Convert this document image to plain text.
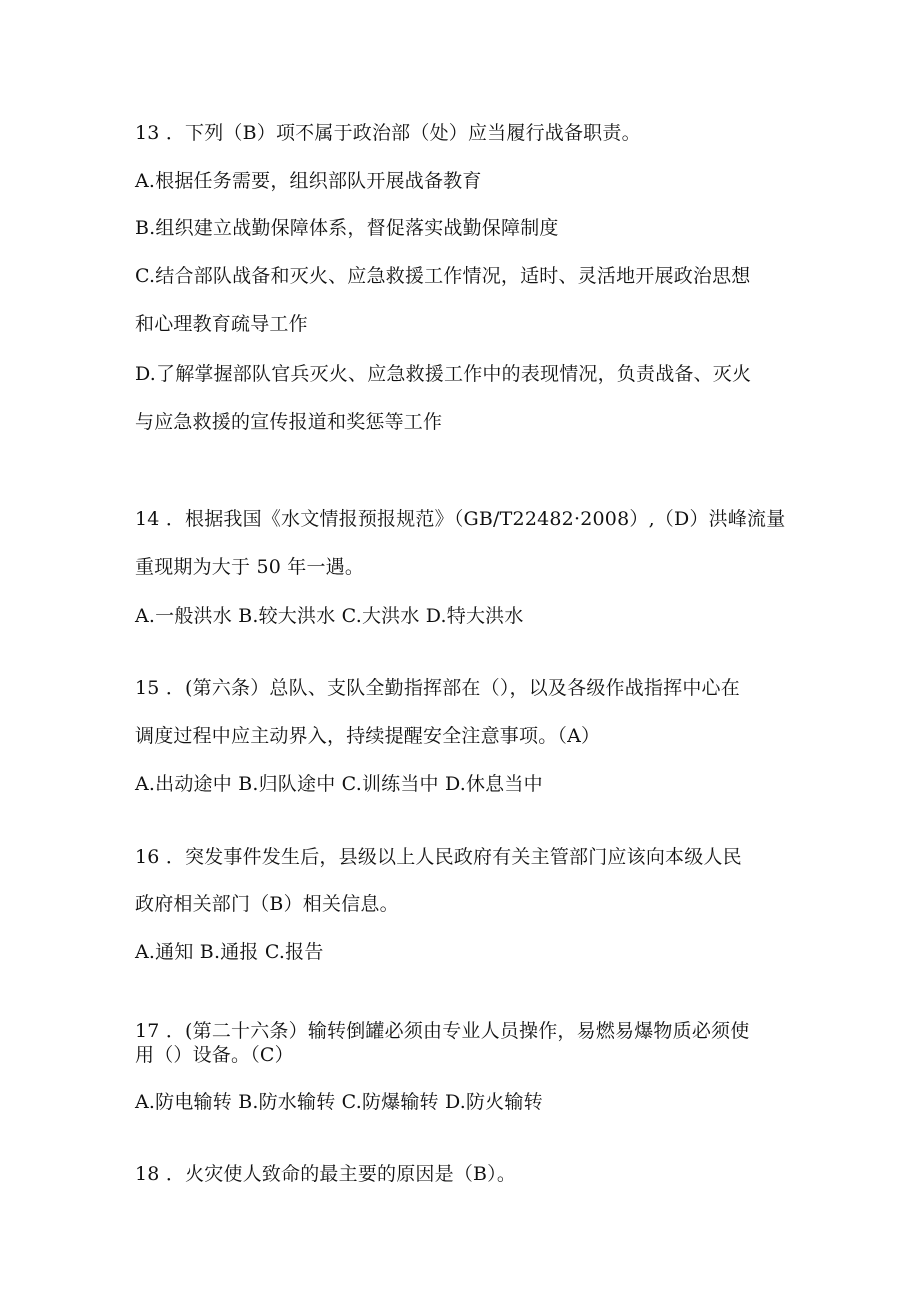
13 ．下列（B）项不属于政治部（处）应当履行战备职责。
A.根据任务需要，组织部队开展战备教育
B.组织建立战勤保障体系，督促落实战勤保障制度
C.结合部队战备和灭火、应急救援工作情况，适时、灵活地开展政治思想
和心理教育疏导工作
D.了解掌握部队官兵灭火、应急救援工作中的表现情况，负责战备、灭火
与应急救援的宣传报道和奖惩等工作
14 ．根据我国《水文情报预报规范》（GB/T22482·2008）,（D）洪峰流量
重现期为大于 50 年一遇。
A.一般洪水 B.较大洪水 C.大洪水 D.特大洪水
15 ．(第六条）总队、支队全勤指挥部在（），以及各级作战指挥中心在
调度过程中应主动界入，持续提醒安全注意事项。（A）
A.出动途中 B.归队途中 C.训练当中 D.休息当中
16 ．突发事件发生后，县级以上人民政府有关主管部门应该向本级人民
政府相关部门（B）相关信息。
A.通知 B.通报 C.报告
17 ．(第二十六条）输转倒罐必须由专业人员操作，易燃易爆物质必须使
用（）设备。（C）
A.防电输转 B.防水输转 C.防爆输转 D.防火输转
18 ．火灾使人致命的最主要的原因是（B）。
